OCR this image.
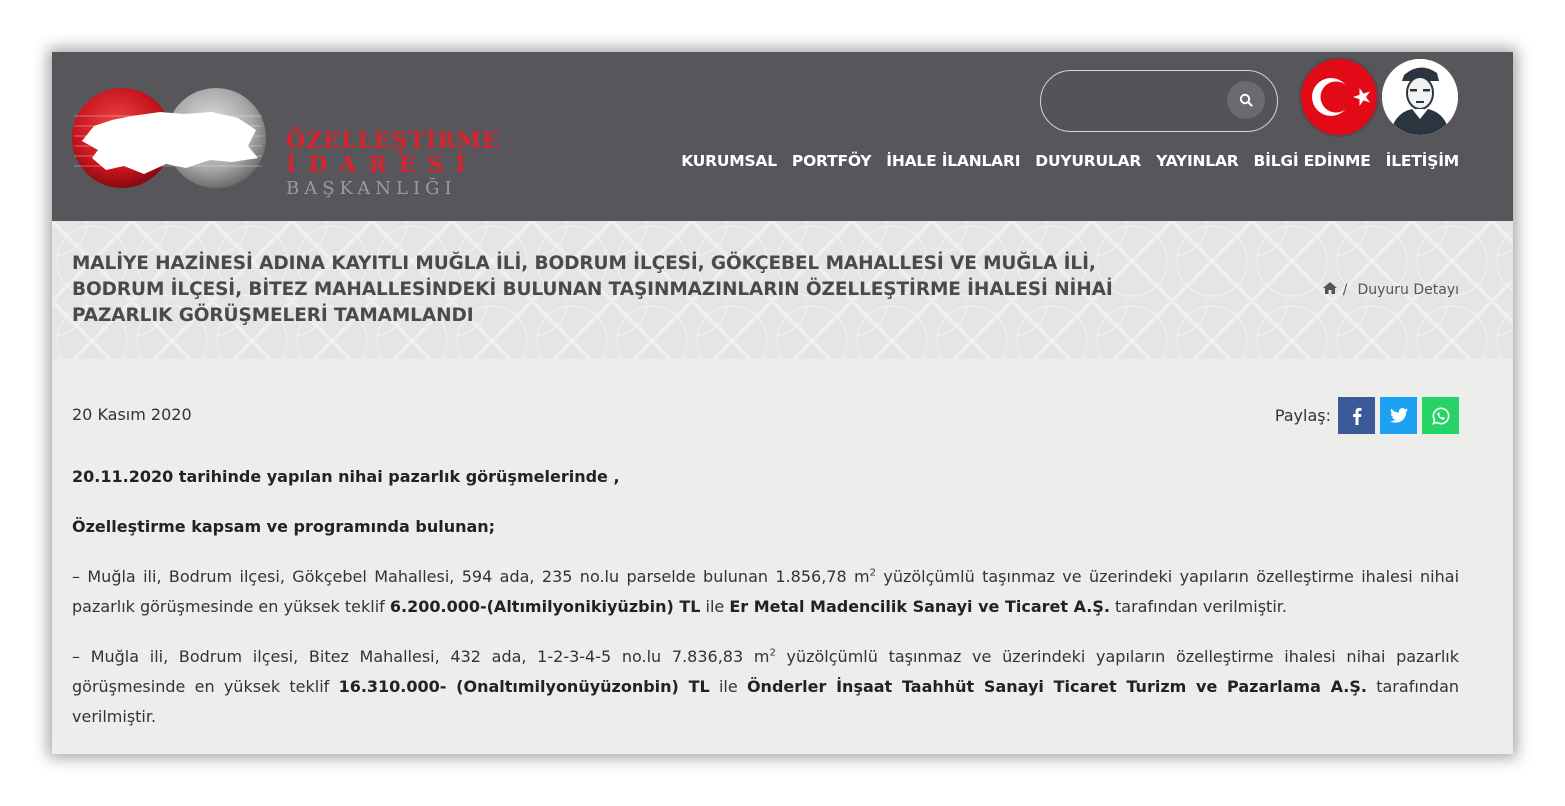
ÖZELLEŞTİRME
İDARESİ
BAŞKANLIĞI
KURUMSAL PORTFÖY İHALE İLANLARI DUYURULAR YAYINLAR BİLGİ EDİNME İLETİŞİM
MALİYE HAZİNESİ ADINA KAYITLI MUĞLA İLİ, BODRUM İLÇESİ, GÖKÇEBEL MAHALLESİ VE MUĞLA İLİ, BODRUM İLÇESİ, BİTEZ MAHALLESİNDEKİ BULUNAN TAŞINMAZINLARIN ÖZELLEŞTİRME İHALESİ NİHAİ PAZARLIK GÖRÜŞMELERİ TAMAMLANDI
/ Duyuru Detayı
20 Kasım 2020	Paylaş:

20.11.2020 tarihinde yapılan nihai pazarlık görüşmelerinde ,

Özelleştirme kapsam ve programında bulunan;

– Muğla ili, Bodrum ilçesi, Gökçebel Mahallesi, 594 ada, 235 no.lu parselde bulunan 1.856,78 $m^2$ yüzölçümlü taşınmaz ve üzerindeki yapıların özelleştirme ihalesi nihai pazarlık görüşmesinde en yüksek teklif 6.200.000-(Altımilyonikiyüzbin) TL ile Er Metal Madencilik Sanayi ve Ticaret A.Ş. tarafından verilmiştir.

– Muğla ili, Bodrum ilçesi, Bitez Mahallesi, 432 ada, 1-2-3-4-5 no.lu 7.836,83 $m^2$ yüzölçümlü taşınmaz ve üzerindeki yapıların özelleştirme ihalesi nihai pazarlık görüşmesinde en yüksek teklif 16.310.000- (Onaltımilyonüyüzonbin) TL ile Önderler İnşaat Taahhüt Sanayi Ticaret Turizm ve Pazarlama A.Ş. tarafından verilmiştir.
